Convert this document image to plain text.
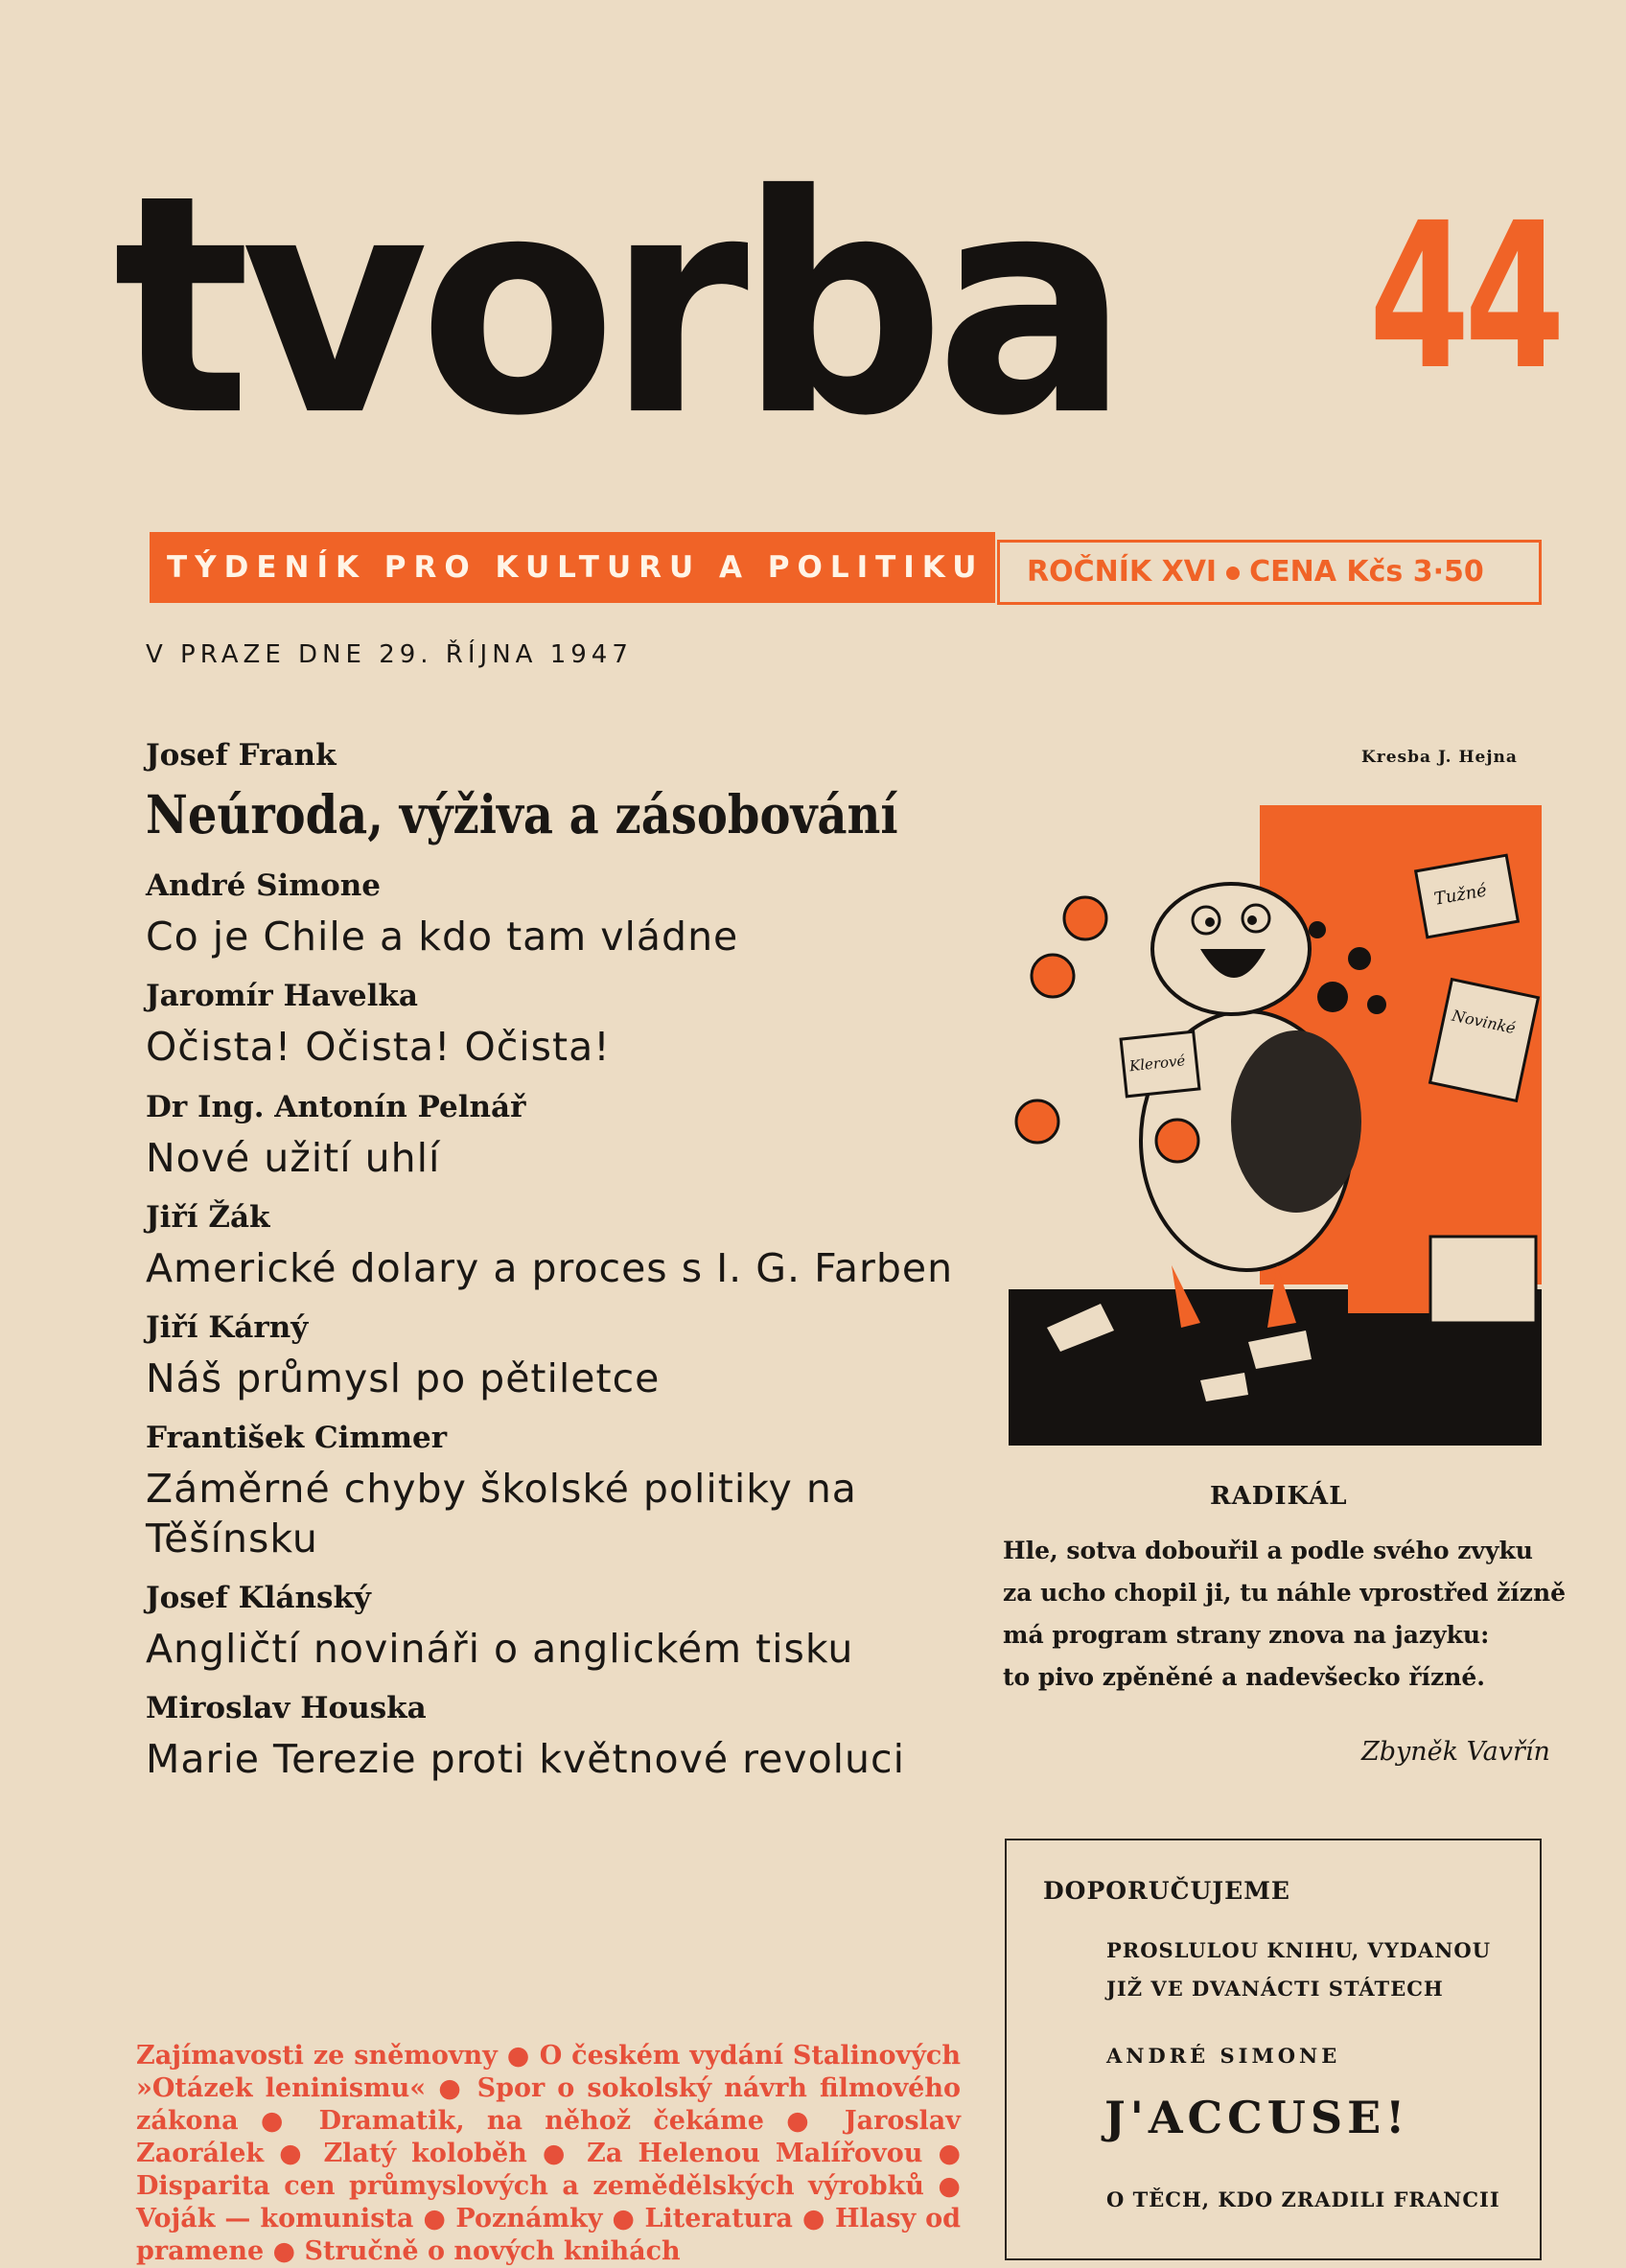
tvorba 44
TÝDENÍK PRO KULTURU A POLITIKU	ROČNÍK XVI CENA Kčs 3·50
V PRAZE DNE 29. ŘÍJNA 1947

Josef Frank

Neúroda, výživa a zásobování

André Simone

Co je Chile a kdo tam vládne

Jaromír Havelka

Očista! Očista! Očista!

Dr Ing. Antonín Pelnář

Nové užití uhlí

Jiří Žák

Americké dolary a proces s I. G. Farben

Jiří Kárný

Náš průmysl po pětiletce

František Cimmer

Záměrné chyby školské politiky na Těšínsku

Josef Klánský

Angličtí novináři o anglickém tisku

Miroslav Houska

Marie Terezie proti květnové revoluci

Zajímavosti ze sněmovny ● O českém vydání Stalinových »Otázek leninismu« ● Spor o sokolský návrh filmového zákona ● Dramatik, na něhož čekáme ● Jaroslav Zaorálek ● Zlatý koloběh ● Za Helenou Malířovou ● Disparita cen průmyslových a zemědělských výrobků ● Voják — komunista ● Poznámky ● Literatura ● Hlasy od pramene ● Stručně o nových knihách
Kresba J. Hejna
Tužné
Novinké
Klerové
RADIKÁL

Hle, sotva dobouřil a podle svého zvyku

za ucho chopil ji, tu náhle vprostřed žízně

má program strany znova na jazyku:

to pivo zpěněné a nadevšecko řízné.

Zbyněk Vavřín
DOPORUČUJEME
PROSLULOU KNIHU, VYDANOU
JIŽ VE DVANÁCTI STÁTECH
ANDRÉ SIMONE
J'ACCUSE!
O TĚCH, KDO ZRADILI FRANCII
